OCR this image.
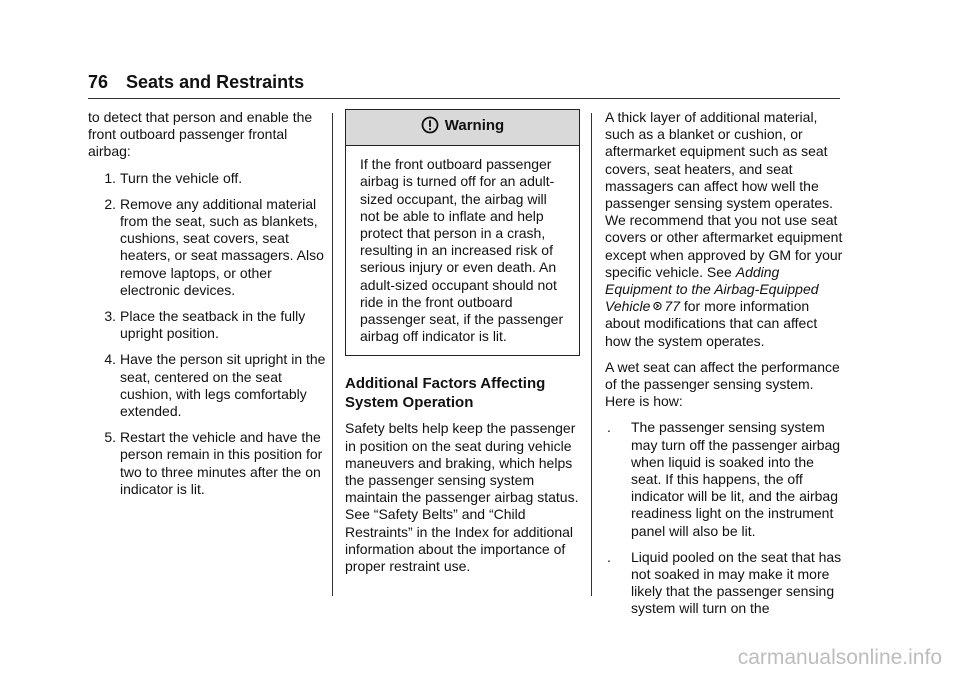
76 Seats and Restraints

to detect that person and enable the front outboard passenger frontal airbag:

1. Turn the vehicle off.
2. Remove any additional material from the seat, such as blankets, cushions, seat covers, seat heaters, or seat massagers. Also remove laptops, or other electronic devices.
3. Place the seatback in the fully upright position.
4. Have the person sit upright in the seat, centered on the seat cushion, with legs comfortably extended.
5. Restart the vehicle and have the person remain in this position for two to three minutes after the on indicator is lit.
Warning
If the front outboard passenger airbag is turned off for an adult-sized occupant, the airbag will not be able to inflate and help protect that person in a crash, resulting in an increased risk of serious injury or even death. An adult-sized occupant should not ride in the front outboard passenger seat, if the passenger airbag off indicator is lit.
Additional Factors Affecting System Operation

Safety belts help keep the passenger in position on the seat during vehicle maneuvers and braking, which helps the passenger sensing system maintain the passenger airbag status. See “Safety Belts” and “Child Restraints” in the Index for additional information about the importance of proper restraint use.

A thick layer of additional material, such as a blanket or cushion, or aftermarket equipment such as seat covers, seat heaters, and seat massagers can affect how well the passenger sensing system operates. We recommend that you not use seat covers or other aftermarket equipment except when approved by GM for your specific vehicle. See Adding Equipment to the Airbag-Equipped Vehicle 77 for more information about modifications that can affect how the system operates.

A wet seat can affect the performance of the passenger sensing system. Here is how:

.	The passenger sensing system may turn off the passenger airbag when liquid is soaked into the seat. If this happens, the off indicator will be lit, and the airbag readiness light on the instrument panel will also be lit.
.	Liquid pooled on the seat that has not soaked in may make it more likely that the passenger sensing system will turn on the
carmanualsonline.info
